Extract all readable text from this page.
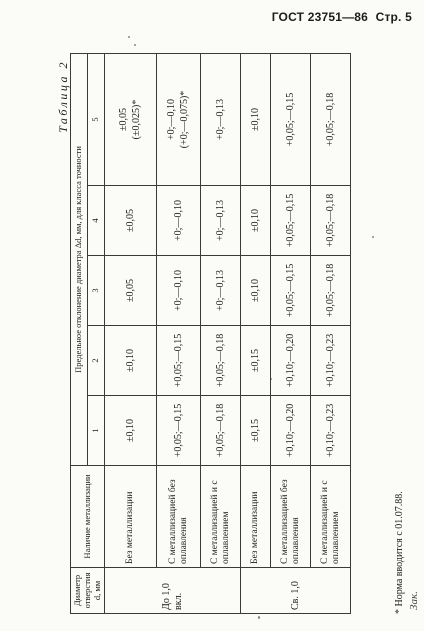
ГОСТ 23751—86 Стр. 5
Таблица 2
Диаметр отверстия d, мм	Наличие металлизации	Предельное отклонение диаметра Δd, мм, для класса точности				
		1	2	3	4	5
До 1,0 вкл.	Без металлизации	±0,10	±0,10	±0,05	±0,05	±0,05 (±0,025)*

	С металлизацией без оплавления	+0,05;—0,15	+0,05;—0,15	+0;—0,10	+0;—0,10	+0;—0,10 (+0;—0,075)*

	С металлизацией и с оплавлением	+0,05;—0,18	+0,05;—0,18	+0;—0,13	+0;—0,13	+0;—0,13
Св. 1,0	Без металлизации	±0,15	±0,15	±0,10	±0,10	±0,10
	С металлизацией без оплавления	+0,10;—0,20	+0,10;—0,20	+0,05;—0,15	+0,05;—0,15	+0,05;—0,15
	С металлизацией и с оплавлением	+0,10;—0,23	+0,10;—0,23	+0,05;—0,18	+0,05;—0,18	+0,05;—0,18
* Норма вводится с 01.07.88. Зак.
